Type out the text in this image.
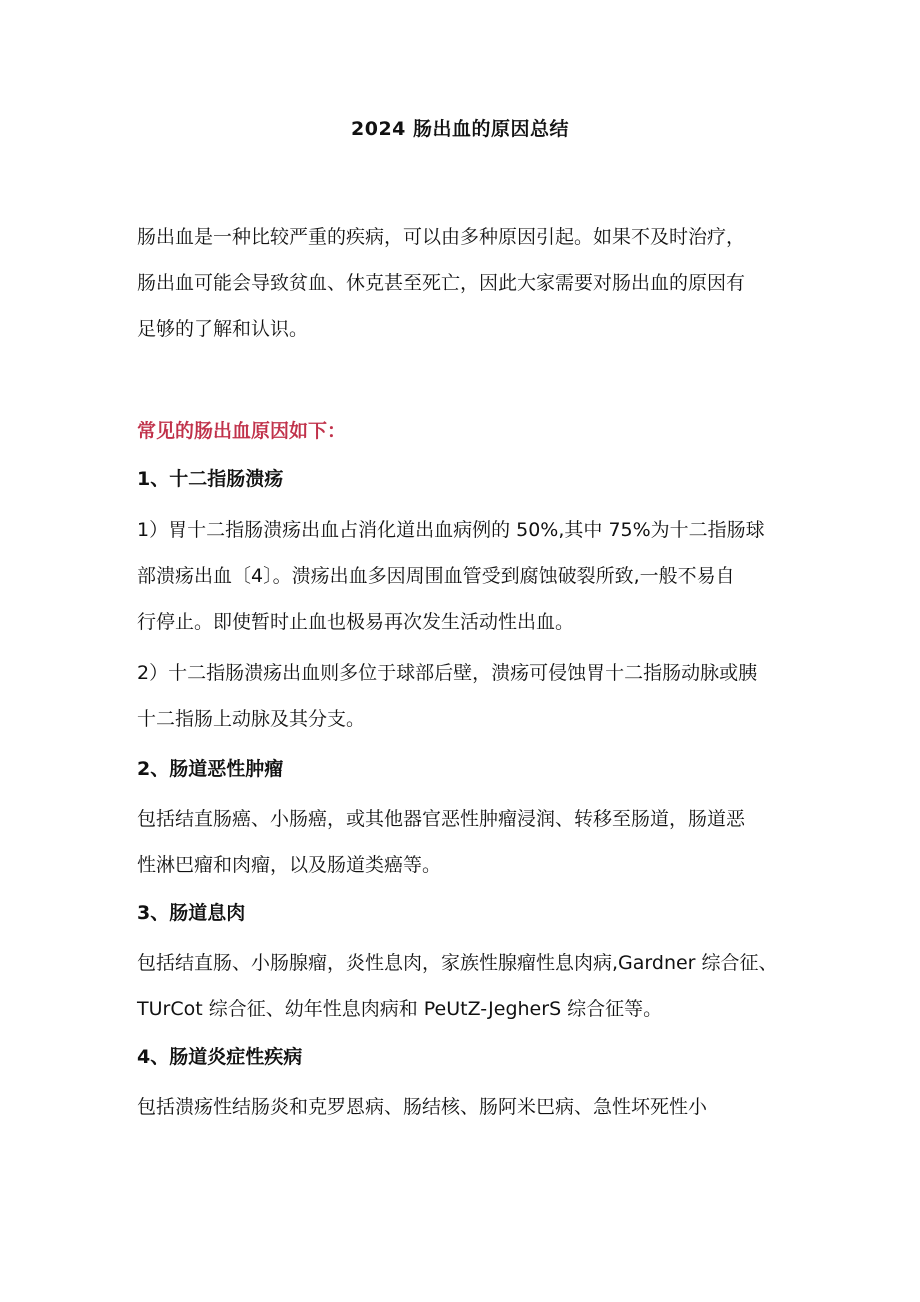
2024 肠出血的原因总结

肠出血是一种比较严重的疾病，可以由多种原因引起。如果不及时治疗，
肠出血可能会导致贫血、休克甚至死亡，因此大家需要对肠出血的原因有
足够的了解和认识。

常见的肠出血原因如下：
1、十二指肠溃疡

1）胃十二指肠溃疡出血占消化道出血病例的 50%,其中 75%为十二指肠球
部溃疡出血〔4〕。溃疡出血多因周围血管受到腐蚀破裂所致,一般不易自
行停止。即使暂时止血也极易再次发生活动性出血。

2）十二指肠溃疡出血则多位于球部后壁，溃疡可侵蚀胃十二指肠动脉或胰
十二指肠上动脉及其分支。

2、肠道恶性肿瘤

包括结直肠癌、小肠癌，或其他器官恶性肿瘤浸润、转移至肠道，肠道恶
性淋巴瘤和肉瘤，以及肠道类癌等。

3、肠道息肉

包括结直肠、小肠腺瘤，炎性息肉，家族性腺瘤性息肉病,Gardner 综合征、
TUrCot 综合征、幼年性息肉病和 PeUtZ-JegherS 综合征等。

4、肠道炎症性疾病

包括溃疡性结肠炎和克罗恩病、肠结核、肠阿米巴病、急性坏死性小
